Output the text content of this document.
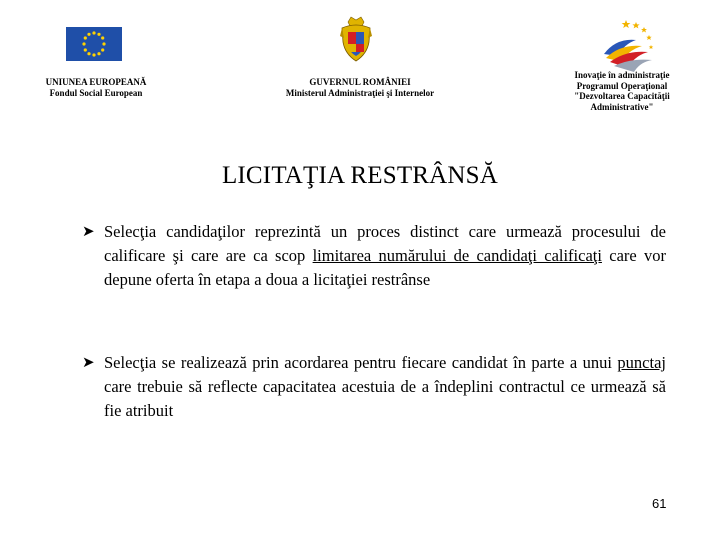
UNIUNEA EUROPEANĂ
Fondul Social European
GUVERNUL ROMÂNIEI
Ministerul Administraţiei şi Internelor
Inovaţie în administraţie
Programul Operaţional
"Dezvoltarea Capacităţii
Administrative"
LICITAŢIA RESTRÂNSĂ
➤ Selecţia candidaţilor reprezintă un proces distinct care urmează procesului de calificare şi care are ca scop limitarea numărului de candidaţi calificaţi care vor depune oferta în etapa a doua a licitaţiei restrânse
➤ Selecţia se realizează prin acordarea pentru fiecare candidat în parte a unui punctaj care trebuie să reflecte capacitatea acestuia de a îndeplini contractul ce urmează să fie atribuit
61
